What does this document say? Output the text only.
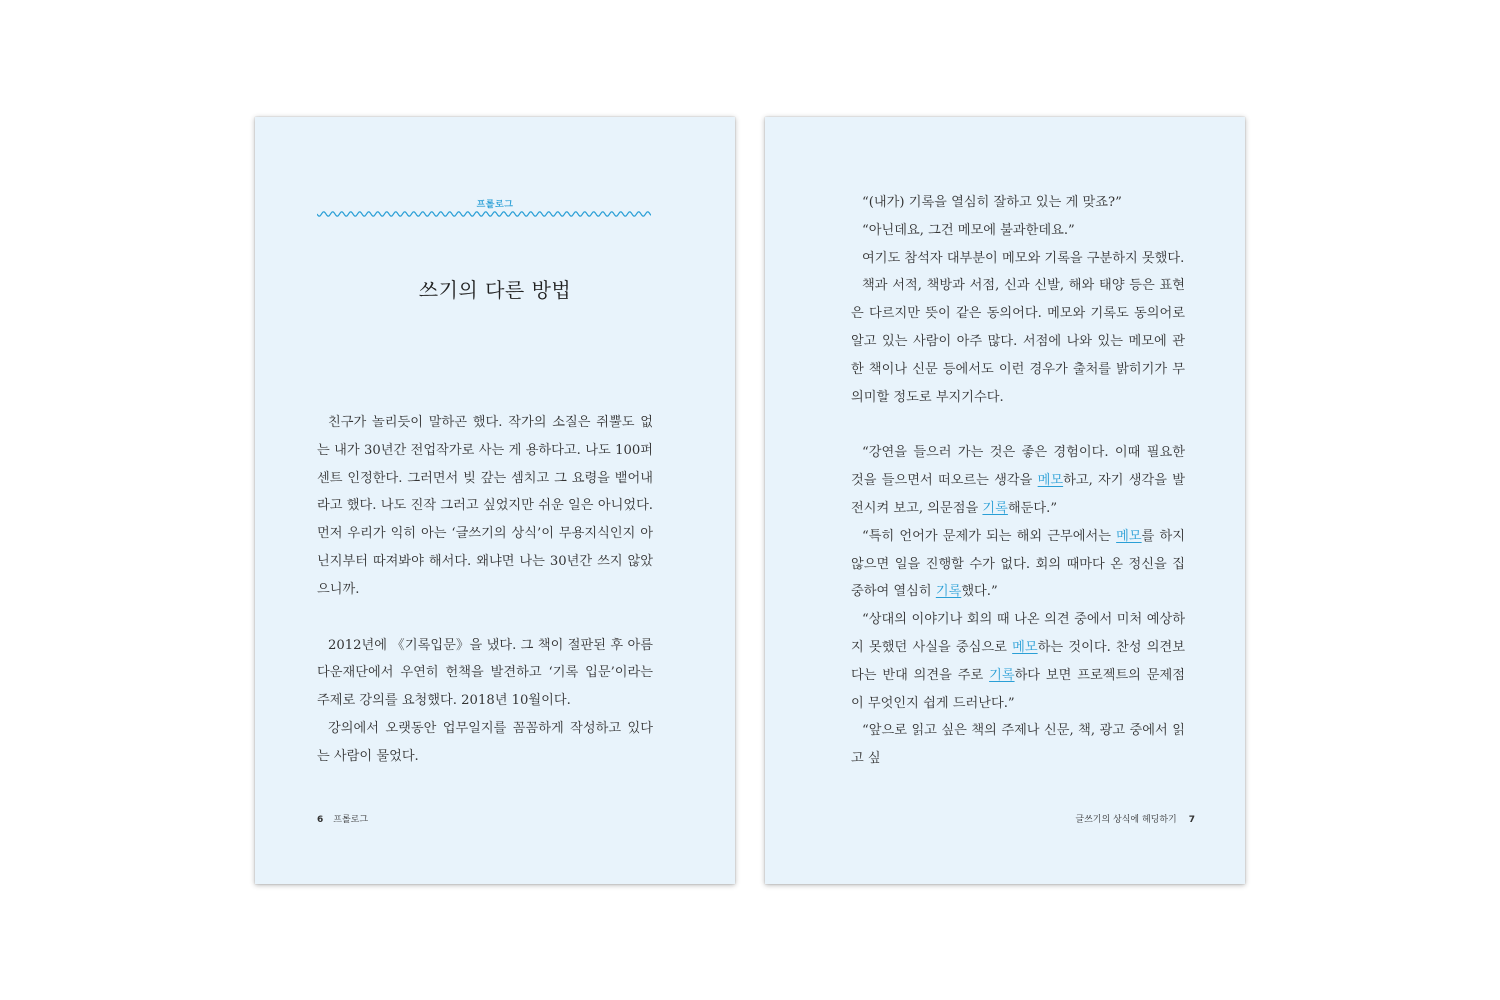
프롤로그
쓰기의 다른 방법

친구가 놀리듯이 말하곤 했다. 작가의 소질은 쥐뿔도 없는 내가 30년간 전업작가로 사는 게 용하다고. 나도 100퍼센트 인정한다. 그러면서 빚 갚는 셈치고 그 요령을 뱉어내라고 했다. 나도 진작 그러고 싶었지만 쉬운 일은 아니었다. 먼저 우리가 익히 아는 ‘글쓰기의 상식’이 무용지식인지 아닌지부터 따져봐야 해서다. 왜냐면 나는 30년간 쓰지 않았으니까.

2012년에 《기록입문》을 냈다. 그 책이 절판된 후 아름다운재단에서 우연히 헌책을 발견하고 ‘기록 입문’이라는 주제로 강의를 요청했다. 2018년 10월이다.

강의에서 오랫동안 업무일지를 꼼꼼하게 작성하고 있다는 사람이 물었다.

6 프롤로그

“(내가) 기록을 열심히 잘하고 있는 게 맞죠?”

“아닌데요, 그건 메모에 불과한데요.”

여기도 참석자 대부분이 메모와 기록을 구분하지 못했다.

책과 서적, 책방과 서점, 신과 신발, 해와 태양 등은 표현은 다르지만 뜻이 같은 동의어다. 메모와 기록도 동의어로 알고 있는 사람이 아주 많다. 서점에 나와 있는 메모에 관한 책이나 신문 등에서도 이런 경우가 출처를 밝히기가 무의미할 정도로 부지기수다.

“강연을 들으러 가는 것은 좋은 경험이다. 이때 필요한 것을 들으면서 떠오르는 생각을 메모하고, 자기 생각을 발전시켜 보고, 의문점을 기록해둔다.”

“특히 언어가 문제가 되는 해외 근무에서는 메모를 하지 않으면 일을 진행할 수가 없다. 회의 때마다 온 정신을 집중하여 열심히 기록했다.”

“상대의 이야기나 회의 때 나온 의견 중에서 미처 예상하지 못했던 사실을 중심으로 메모하는 것이다. 찬성 의견보다는 반대 의견을 주로 기록하다 보면 프로젝트의 문제점이 무엇인지 쉽게 드러난다.”

“앞으로 읽고 싶은 책의 주제나 신문, 책, 광고 중에서 읽고 싶

글쓰기의 상식에 헤딩하기 7
